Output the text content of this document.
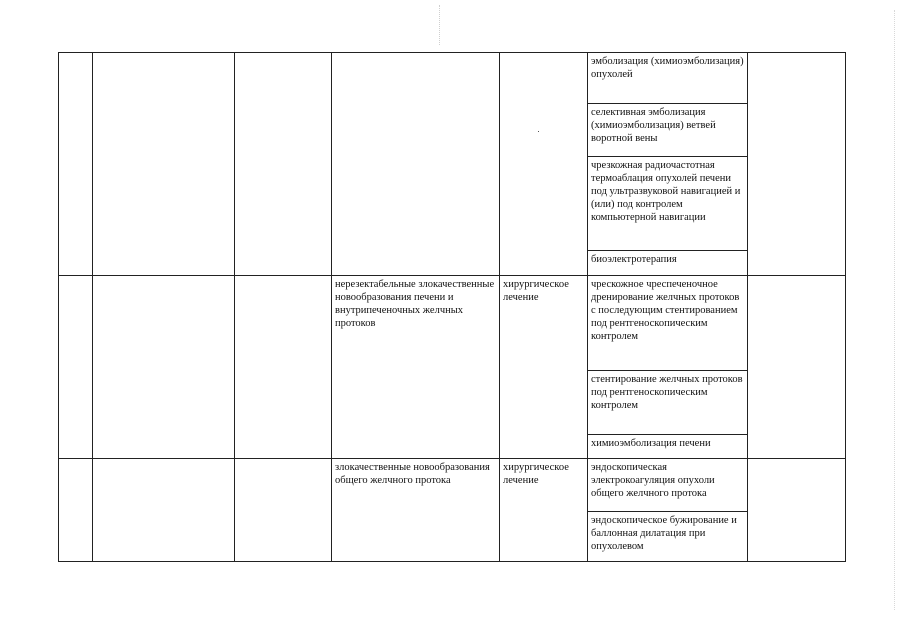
эмболизация (химиоэмболизация) опухолей
селективная эмболизация (химиоэмболизация) ветвей воротной вены
чрезкожная радиочастотная термоаблация опухолей печени под ультразвуковой навигацией и (или) под контролем компьютерной навигации
биоэлектротерапия
нерезектабельные злокачественные новообразования печени и внутрипеченочных желчных протоков
хирургическое лечение
чрескожное чреспеченочное дренирование желчных протоков с последующим стентированием под рентгеноскопическим контролем
стентирование желчных протоков под рентгеноскопическим контролем
химиоэмболизация печени
злокачественные новообразования общего желчного протока
хирургическое лечение
эндоскопическая электрокоагуляция опухоли общего желчного протока
эндоскопическое бужирование и баллонная дилатация при опухолевом
